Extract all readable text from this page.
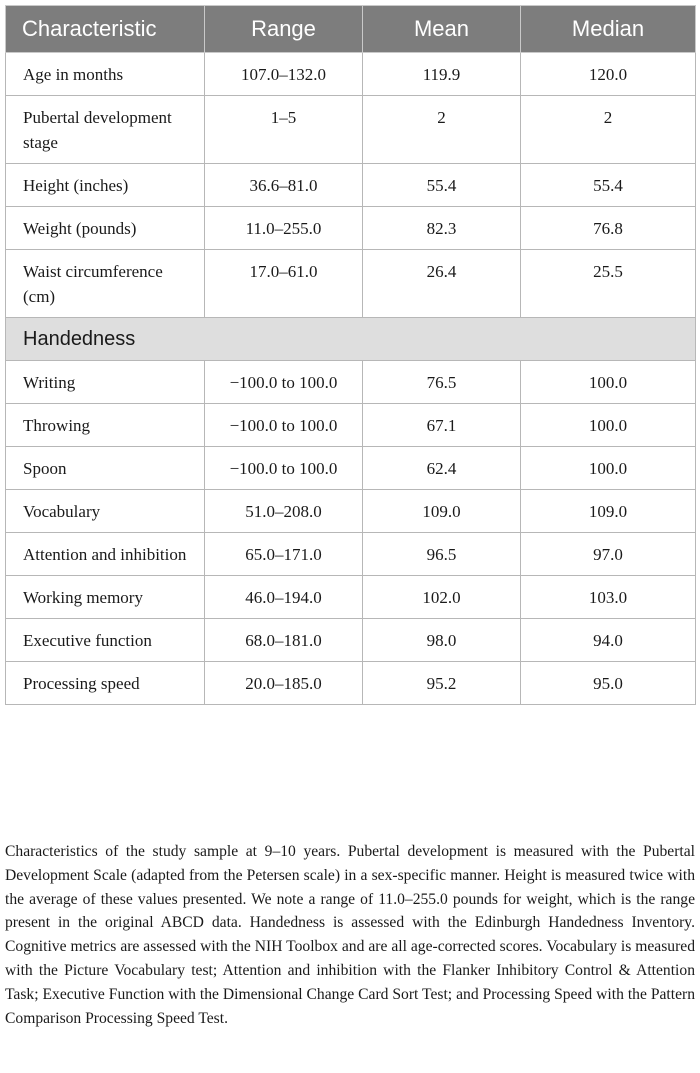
Characteristic	Range	Mean	Median
Age in months	107.0–132.0	119.9	120.0
Pubertal development stage	1–5	2	2
Height (inches)	36.6–81.0	55.4	55.4
Weight (pounds)	11.0–255.0	82.3	76.8
Waist circumference (cm)	17.0–61.0	26.4	25.5
Handedness			
Writing	−100.0 to 100.0	76.5	100.0
Throwing	−100.0 to 100.0	67.1	100.0
Spoon	−100.0 to 100.0	62.4	100.0
Vocabulary	51.0–208.0	109.0	109.0
Attention and inhibition	65.0–171.0	96.5	97.0
Working memory	46.0–194.0	102.0	103.0
Executive function	68.0–181.0	98.0	94.0
Processing speed	20.0–185.0	95.2	95.0

Characteristics of the study sample at 9–10 years. Pubertal development is measured with the Pubertal Development Scale (adapted from the Petersen scale) in a sex-specific manner. Height is measured twice with the average of these values presented. We note a range of 11.0–255.0 pounds for weight, which is the range present in the original ABCD data. Handedness is assessed with the Edinburgh Handedness Inventory. Cognitive metrics are assessed with the NIH Toolbox and are all age-corrected scores. Vocabulary is measured with the Picture Vocabulary test; Attention and inhibition with the Flanker Inhibitory Control & Attention Task; Executive Function with the Dimensional Change Card Sort Test; and Processing Speed with the Pattern Comparison Processing Speed Test.
